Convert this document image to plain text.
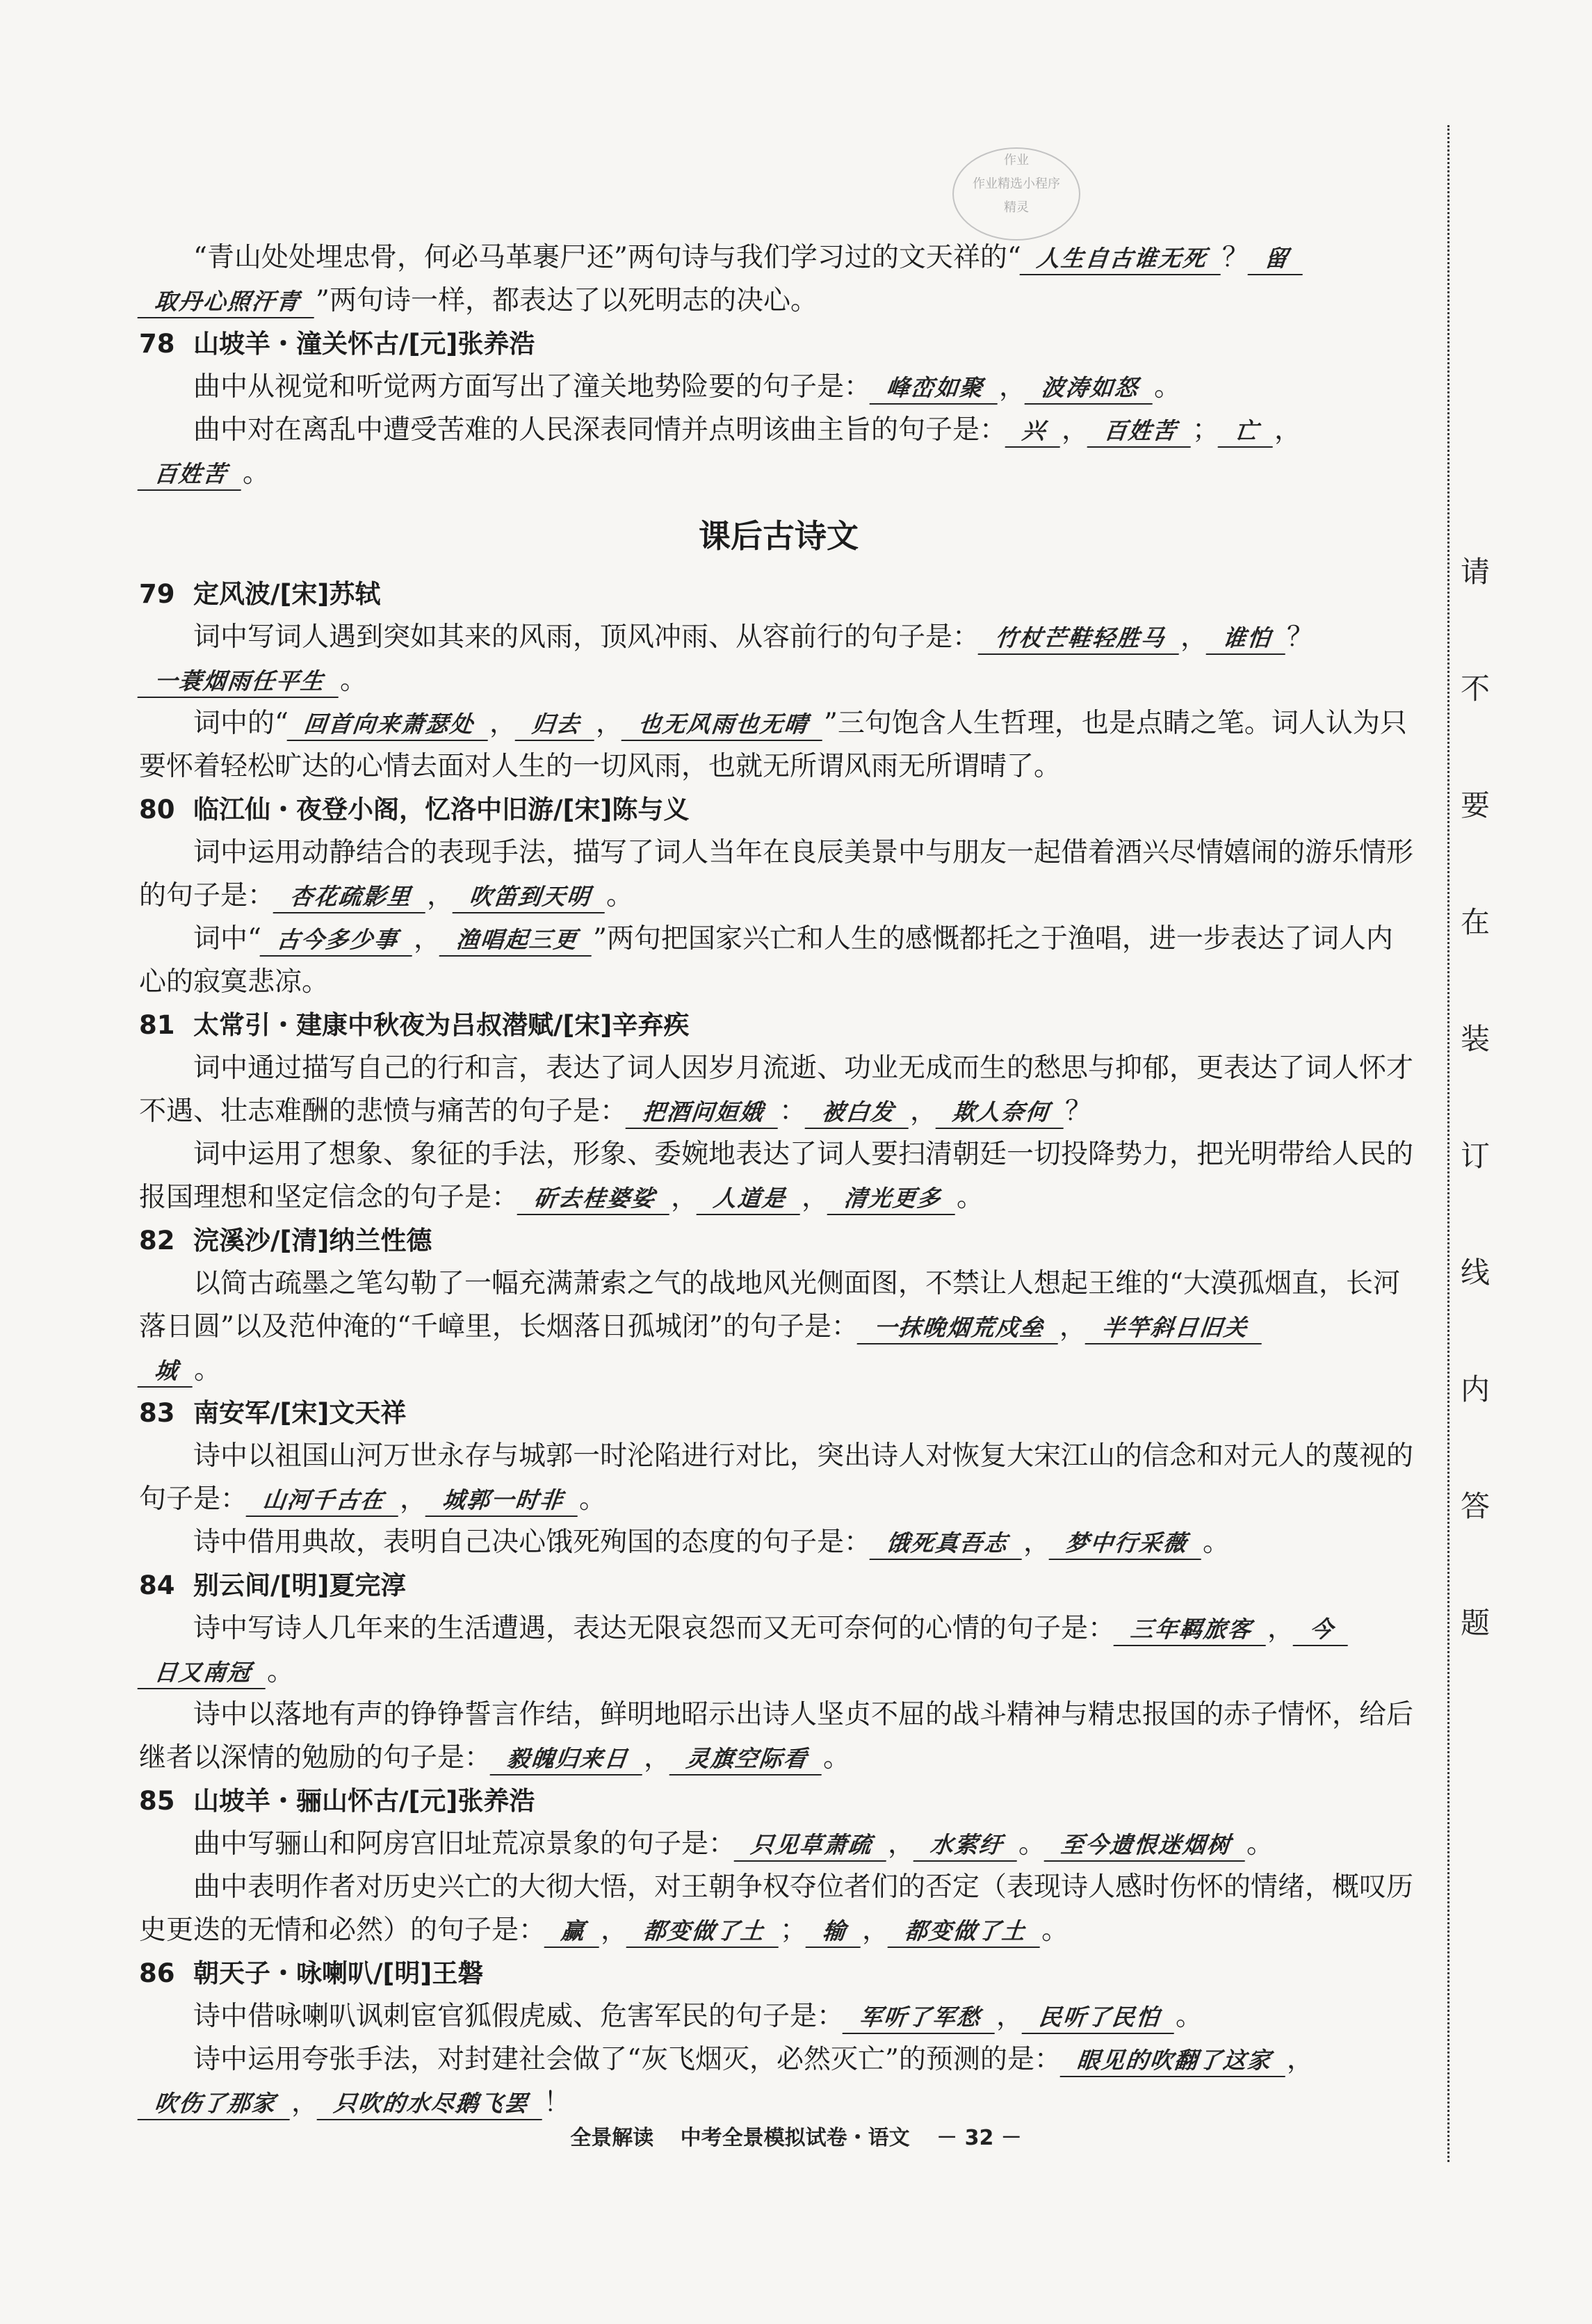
作业
作业精选小程序
精灵

“青山处处埋忠骨，何必马革裹尸还”两句诗与我们学习过的文天祥的“ 人生自古谁无死 ？ 留
取丹心照汗青 ”两句诗一样，都表达了以死明志的决心。

78 山坡羊・潼关怀古/[元]张养浩

曲中从视觉和听觉两方面写出了潼关地势险要的句子是： 峰峦如聚 ， 波涛如怒 。

曲中对在离乱中遭受苦难的人民深表同情并点明该曲主旨的句子是： 兴 ， 百姓苦 ； 亡 ，
百姓苦 。

课后古诗文

79 定风波/[宋]苏轼

词中写词人遇到突如其来的风雨，顶风冲雨、从容前行的句子是： 竹杖芒鞋轻胜马 ， 谁怕 ？
一蓑烟雨任平生 。

词中的“ 回首向来萧瑟处 ， 归去 ， 也无风雨也无晴 ”三句饱含人生哲理，也是点睛之笔。词人认为只要怀着轻松旷达的心情去面对人生的一切风雨，也就无所谓风雨无所谓晴了。

80 临江仙・夜登小阁，忆洛中旧游/[宋]陈与义

词中运用动静结合的表现手法，描写了词人当年在良辰美景中与朋友一起借着酒兴尽情嬉闹的游乐情形的句子是： 杏花疏影里 ， 吹笛到天明 。

词中“ 古今多少事 ， 渔唱起三更 ”两句把国家兴亡和人生的感慨都托之于渔唱，进一步表达了词人内心的寂寞悲凉。

81 太常引・建康中秋夜为吕叔潜赋/[宋]辛弃疾

词中通过描写自己的行和言，表达了词人因岁月流逝、功业无成而生的愁思与抑郁，更表达了词人怀才不遇、壮志难酬的悲愤与痛苦的句子是： 把酒问姮娥 ： 被白发 ， 欺人奈何 ？

词中运用了想象、象征的手法，形象、委婉地表达了词人要扫清朝廷一切投降势力，把光明带给人民的报国理想和坚定信念的句子是： 斫去桂婆娑 ， 人道是 ， 清光更多 。

82 浣溪沙/[清]纳兰性德

以简古疏墨之笔勾勒了一幅充满萧索之气的战地风光侧面图，不禁让人想起王维的“大漠孤烟直，长河落日圆”以及范仲淹的“千嶂里，长烟落日孤城闭”的句子是： 一抹晚烟荒戍垒 ， 半竿斜日旧关
城 。

83 南安军/[宋]文天祥

诗中以祖国山河万世永存与城郭一时沦陷进行对比，突出诗人对恢复大宋江山的信念和对元人的蔑视的句子是： 山河千古在 ， 城郭一时非 。

诗中借用典故，表明自己决心饿死殉国的态度的句子是： 饿死真吾志 ， 梦中行采薇 。

84 别云间/[明]夏完淳

诗中写诗人几年来的生活遭遇，表达无限哀怨而又无可奈何的心情的句子是： 三年羁旅客 ， 今
日又南冠 。

诗中以落地有声的铮铮誓言作结，鲜明地昭示出诗人坚贞不屈的战斗精神与精忠报国的赤子情怀，给后继者以深情的勉励的句子是： 毅魄归来日 ， 灵旗空际看 。

85 山坡羊・骊山怀古/[元]张养浩

曲中写骊山和阿房宫旧址荒凉景象的句子是： 只见草萧疏 ， 水萦纡 。 至今遗恨迷烟树 。

曲中表明作者对历史兴亡的大彻大悟，对王朝争权夺位者们的否定（表现诗人感时伤怀的情绪，概叹历史更迭的无情和必然）的句子是： 赢 ， 都变做了土 ； 输 ， 都变做了土 。

86 朝天子・咏喇叭/[明]王磐

诗中借咏喇叭讽刺宦官狐假虎威、危害军民的句子是： 军听了军愁 ， 民听了民怕 。

诗中运用夸张手法，对封建社会做了“灰飞烟灭，必然灭亡”的预测的是： 眼见的吹翻了这家 ，
吹伤了那家 ， 只吹的水尽鹅飞罢 ！

请
不
要
在
装
订
线
内
答
题
全景解读 中考全景模拟试卷・语文 － 32 －
